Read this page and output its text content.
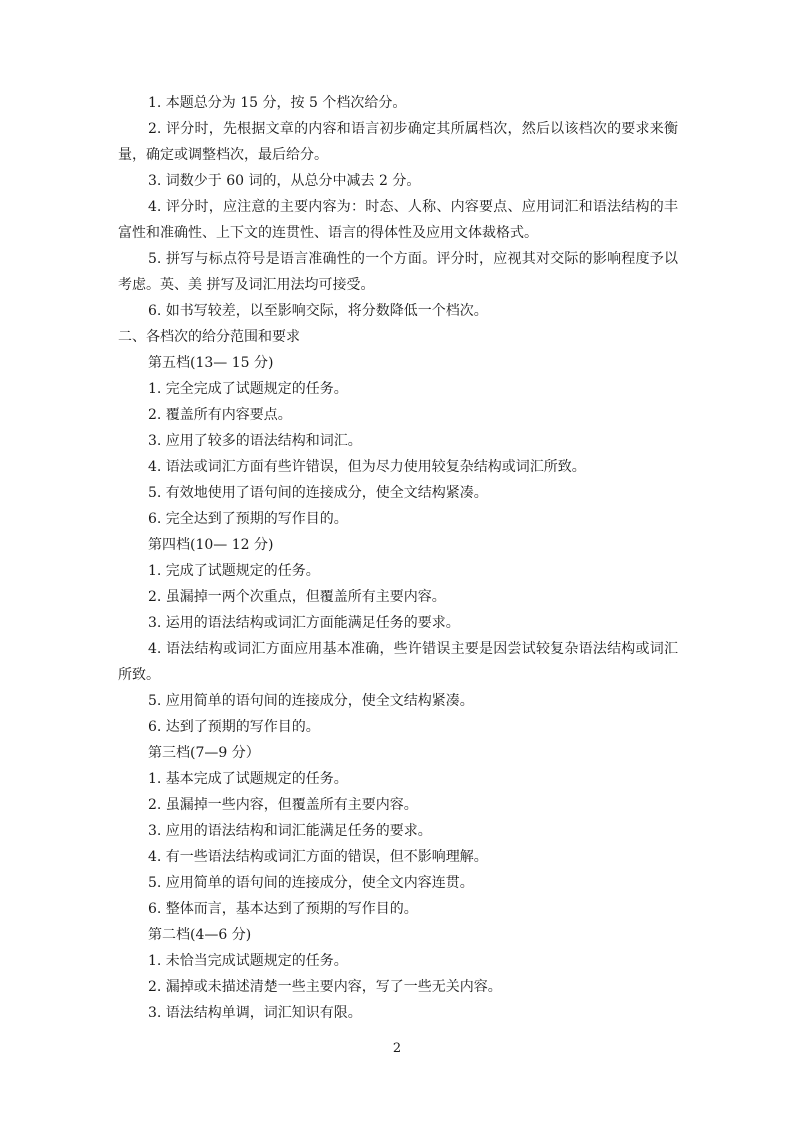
1. 本题总分为 15 分，按 5 个档次给分。

2. 评分时，先根据文章的内容和语言初步确定其所属档次，然后以该档次的要求来衡量，确定或调整档次，最后给分。

3. 词数少于 60 词的，从总分中减去 2 分。

4. 评分时，应注意的主要内容为：时态、人称、内容要点、应用词汇和语法结构的丰富性和准确性、上下文的连贯性、语言的得体性及应用文体裁格式。

5. 拼写与标点符号是语言准确性的一个方面。评分时，应视其对交际的影响程度予以考虑。英、美 拼写及词汇用法均可接受。

6. 如书写较差，以至影响交际，将分数降低一个档次。

二、各档次的给分范围和要求

第五档(13— 15 分)

1. 完全完成了试题规定的任务。

2. 覆盖所有内容要点。

3. 应用了较多的语法结构和词汇。

4. 语法或词汇方面有些许错误，但为尽力使用较复杂结构或词汇所致。

5. 有效地使用了语句间的连接成分，使全文结构紧凑。

6. 完全达到了预期的写作目的。

第四档(10— 12 分)

1. 完成了试题规定的任务。

2. 虽漏掉一两个次重点，但覆盖所有主要内容。

3. 运用的语法结构或词汇方面能满足任务的要求。

4. 语法结构或词汇方面应用基本准确，些许错误主要是因尝试较复杂语法结构或词汇所致。

5. 应用简单的语句间的连接成分，使全文结构紧凑。

6. 达到了预期的写作目的。

第三档(7—9 分）

1. 基本完成了试题规定的任务。

2. 虽漏掉一些内容，但覆盖所有主要内容。

3. 应用的语法结构和词汇能满足任务的要求。

4. 有一些语法结构或词汇方面的错误，但不影响理解。

5. 应用简单的语句间的连接成分，使全文内容连贯。

6. 整体而言，基本达到了预期的写作目的。

第二档(4—6 分)

1. 未恰当完成试题规定的任务。

2. 漏掉或未描述清楚一些主要内容，写了一些无关内容。

3. 语法结构单调，词汇知识有限。

2
